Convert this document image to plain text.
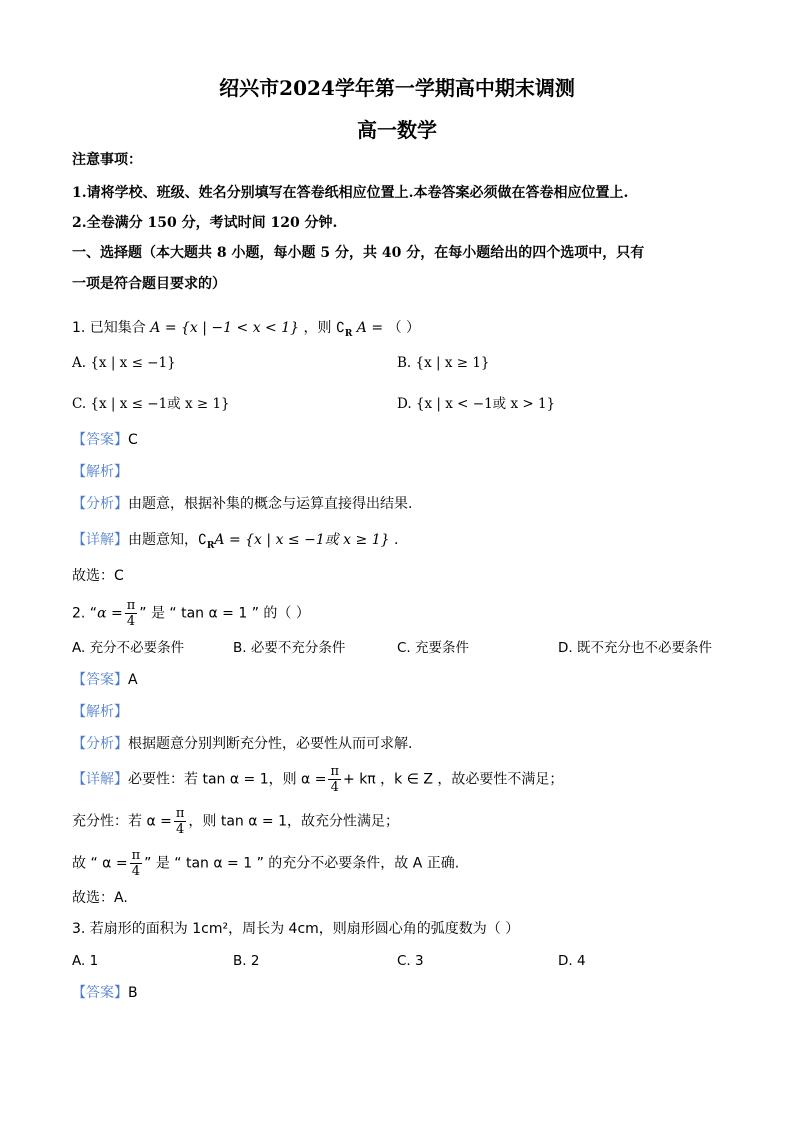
绍兴市2024学年第一学期高中期末调测
高一数学
注意事项：
1.请将学校、班级、姓名分别填写在答卷纸相应位置上.本卷答案必须做在答卷相应位置上.
2.全卷满分 150 分，考试时间 120 分钟.
一、选择题（本大题共 8 小题，每小题 5 分，共 40 分，在每小题给出的四个选项中，只有
一项是符合题目要求的）
1. 已知集合 A = {x | −1 < x < 1} ，则 $∁_R$ A = （ ）
A. {x | x ≤ −1}	B. {x | x ≥ 1}
C. {x | x ≤ −1或 x ≥ 1}	D. {x | x < −1或 x > 1}
【答案】C
【解析】
【分析】由题意，根据补集的概念与运算直接得出结果.
【详解】由题意知，$∁_RA = \{x$ | x ≤ −1或 x ≥ 1} .
故选：C
2. “$\alpha = \frac{\pi}{4}$ ” 是 “ tan α = 1 ” 的（ ）
A. 充分不必要条件	B. 必要不充分条件	C. 充要条件	D. 既不充分也不必要条件
【答案】A
【解析】
【分析】根据题意分别判断充分性，必要性从而可求解.
【详解】必要性：若 tan α = 1，则 $\alpha = \frac{\pi}{4} + k\pi$ ，k ∈ Z ，故必要性不满足；
充分性：若 $\alpha = \frac{\pi}{4}$ ，则 tan α = 1，故充分性满足；
故 “ $\alpha = \frac{\pi}{4}$ ” 是 “ tan α = 1 ” 的充分不必要条件，故 A 正确.
故选：A.
3. 若扇形的面积为 1cm²，周长为 4cm，则扇形圆心角的弧度数为（ ）
A. 1	B. 2	C. 3	D. 4
【答案】B
